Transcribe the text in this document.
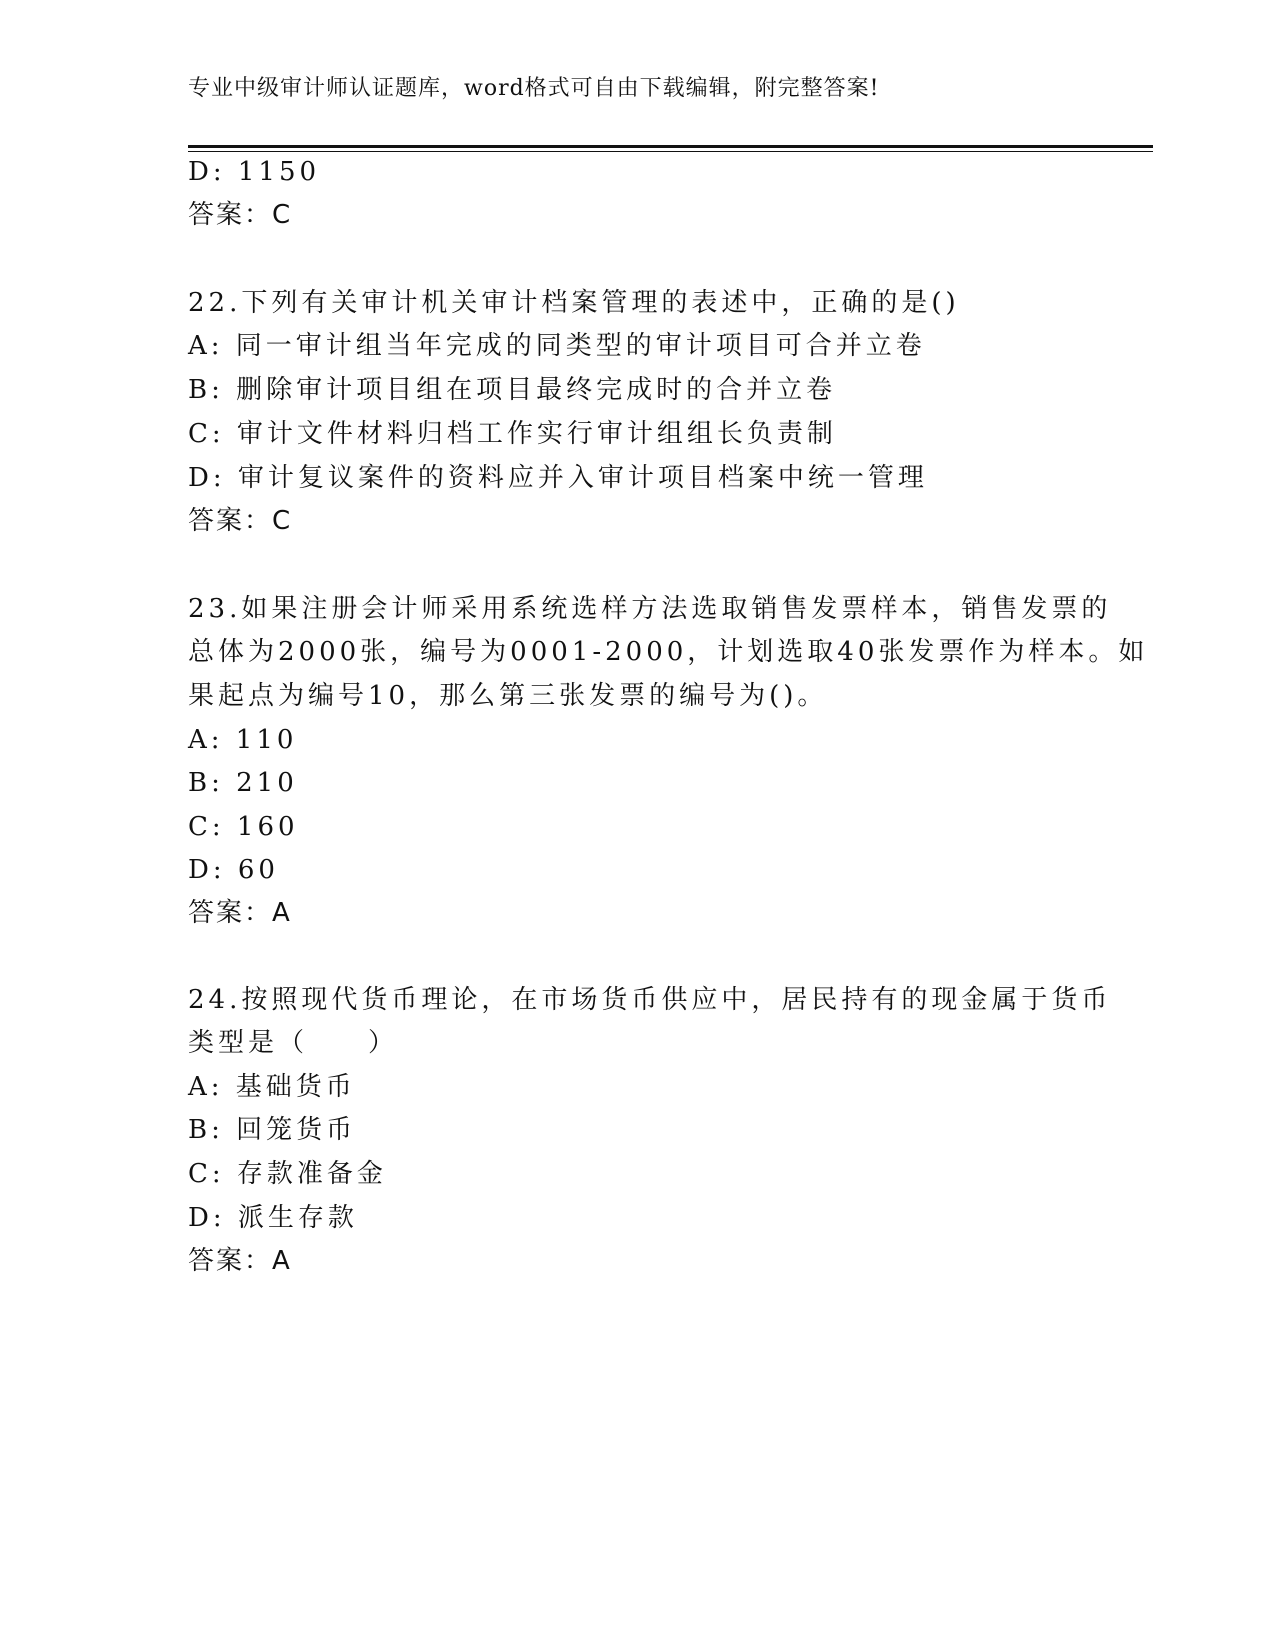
专业中级审计师认证题库，word格式可自由下载编辑，附完整答案!
D: 1150
答案：C
22.下列有关审计机关审计档案管理的表述中，正确的是()
A: 同一审计组当年完成的同类型的审计项目可合并立卷
B: 删除审计项目组在项目最终完成时的合并立卷
C: 审计文件材料归档工作实行审计组组长负责制
D: 审计复议案件的资料应并入审计项目档案中统一管理
答案：C
23.如果注册会计师采用系统选样方法选取销售发票样本，销售发票的
总体为2000张，编号为0001-2000，计划选取40张发票作为样本。如
果起点为编号10，那么第三张发票的编号为()。
A: 110
B: 210
C: 160
D: 60
答案：A
24.按照现代货币理论，在市场货币供应中，居民持有的现金属于货币
类型是（　　）
A: 基础货币
B: 回笼货币
C: 存款准备金
D: 派生存款
答案：A
